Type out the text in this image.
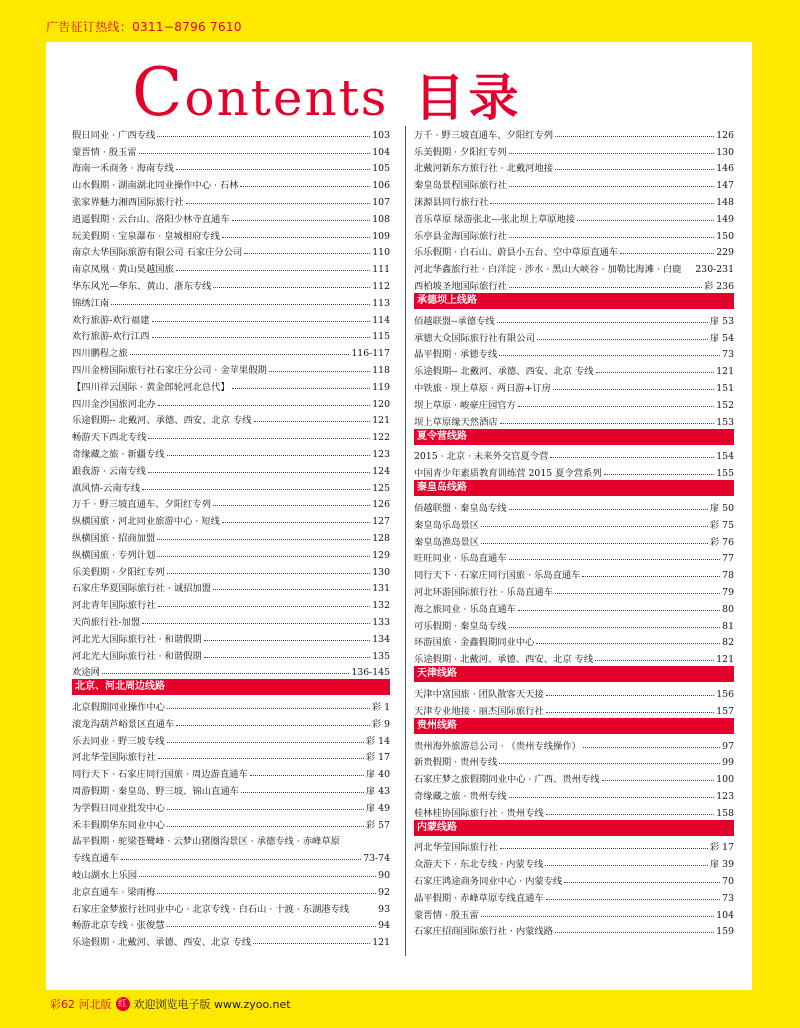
广告征订热线：0311−8796 7610
Contents 目录
假日同业 · 广西专线	103
蒙晋情 · 殷玉雷	104
海南一禾商务 · 海南专线	105
山水假期 · 湖南湖北同业操作中心 · 石林	106
张家界魅力湘西国际旅行社	107
逍遥假期 · 云台山、洛阳少林寺直通车	108
玩美假期 · 宝泉瀑布 · 皇城相府专线	109
南京大华国际旅游有限公司 石家庄分公司	110
南京凤凰 · 黄山昊越国旅	111
华东风光—华东、黄山、浙东专线	112
锦绣江南	113
欢行旅游-欢行福建	114
欢行旅游-欢行江西	115
四川鹏程之旅	116-117
四川金榜国际旅行社石家庄分公司 · 金苹果假期	118
【四川祥云国际 · 黄金郎轮河北总代】	119
四川金沙国旅河北办	120
乐途假期-- 北戴河、承德、西安、北京 专线	121
畅游天下西北专线	122
奇缘藏之旅 · 新疆专线	123
跟我游 · 云南专线	124
滇风情-云南专线	125
万千 · 野三坡直通车、夕阳红专列	126
纵横国旅 · 河北同业旅游中心 · 短线	127
纵横国旅 · 招商加盟	128
纵横国旅 · 专列计划	129
乐美假期 · 夕阳红专列	130
石家庄华夏国际旅行社 · 诚招加盟	131
河北青年国际旅行社	132
天尚旅行社-加盟	133
河北光大国际旅行社 · 和谐假期	134
河北光大国际旅行社 · 和谐假期	135
欢途网	136-145
北京、河北周边线路
北京假期同业操作中心	彩 1
滚龙沟葫芦峪景区直通车	彩 9
乐去同业 · 野三坡专线	彩 14
河北华莹国际旅行社	彩 17
同行天下 · 石家庄同行国旅 · 周边游直通车	扉 40
周游假期 · 秦皇岛、野三坡、锦山直通车	扉 43
为学假日同业批发中心	扉 49
禾丰假期华东同业中心	彩 57
晶平假期 · 驼梁苍鹭峰 · 云梦山猪圈沟景区 · 承德专线 · 赤峰草原
专线直通车	73-74
岐山湖水上乐园	90
北京直通车 · 梁雨梅	92
石家庄金梦旅行社同业中心 · 北京专线 · 白石山 · 十渡 · 东湖港专线	93
畅游北京专线 · 张俊慧	94
乐途假期 · 北戴河、承德、西安、北京 专线	121
万千 · 野三坡直通车、夕阳红专列	126
乐美假期 · 夕阳红专列	130
北戴河新东方旅行社 · 北戴河地接	146
秦皇岛景程国际旅行社	147
涞源县同行旅行社	148
音乐草原 绿游张北---张北坝上草原地接	149
乐亭县金海国际旅行社	150
乐乐假期 · 白石山、蔚县小五台、空中草原直通车	229
河北华鑫旅行社 · 白洋淀 · 涉水 · 黑山大峡谷 · 加勒比海滩 · 白鹿 230-231
西柏坡圣地国际旅行社	彩 236
承德坝上线路
佰越联盟--承德专线	扉 53
承德大众国际旅行社有限公司	扉 54
晶平假期 · 承德专线	73
乐途假期-- 北戴河、承德、西安、北京 专线	121
中铁旅 · 坝上草原 · 两日游+订房	151
坝上草原 · 峻豪庄园官方	152
坝上草原缘天然酒店	153
夏令营线路
2015 · 北京 · 未来外交官夏令营	154
中国青少年素质教育训练营 2015 夏令营系列	155
秦皇岛线路
佰越联盟 · 秦皇岛专线	扉 50
秦皇岛乐岛景区	彩 75
秦皇岛渔岛景区	彩 76
旺旺同业 · 乐岛直通车	77
同行天下 · 石家庄同行国旅 · 乐岛直通车	78
河北环游国际旅行社 · 乐岛直通车	79
海之旅同业 · 乐岛直通车	80
可乐假期 · 秦皇岛专线	81
环游国旅 · 金鑫假期同业中心	82
乐途假期 · 北戴河、承德、西安、北京 专线	121
天津线路
天津中富国旅 · 团队散客天天接	156
天津专业地接 · 丽杰国际旅行社	157
贵州线路
贵州海外旅游总公司 · （贵州专线操作）	97
新贵假期 · 贵州专线	99
石家庄梦之旅假期同业中心 · 广西、贵州专线	100
奇缘藏之旅 · 贵州专线	123
桂林桂协国际旅行社 · 贵州专线	158
内蒙线路
河北华莹国际旅行社	彩 17
众游天下 · 东北专线 · 内蒙专线	扉 39
石家庄鸿途商务同业中心 · 内蒙专线	70
晶平假期 · 赤峰草原专线直通车	73
蒙晋情 · 殷玉雷	104
石家庄招商国际旅行社 · 内蒙线路	159
彩62 河北版 红 欢迎浏览电子版 www.zyoo.net
